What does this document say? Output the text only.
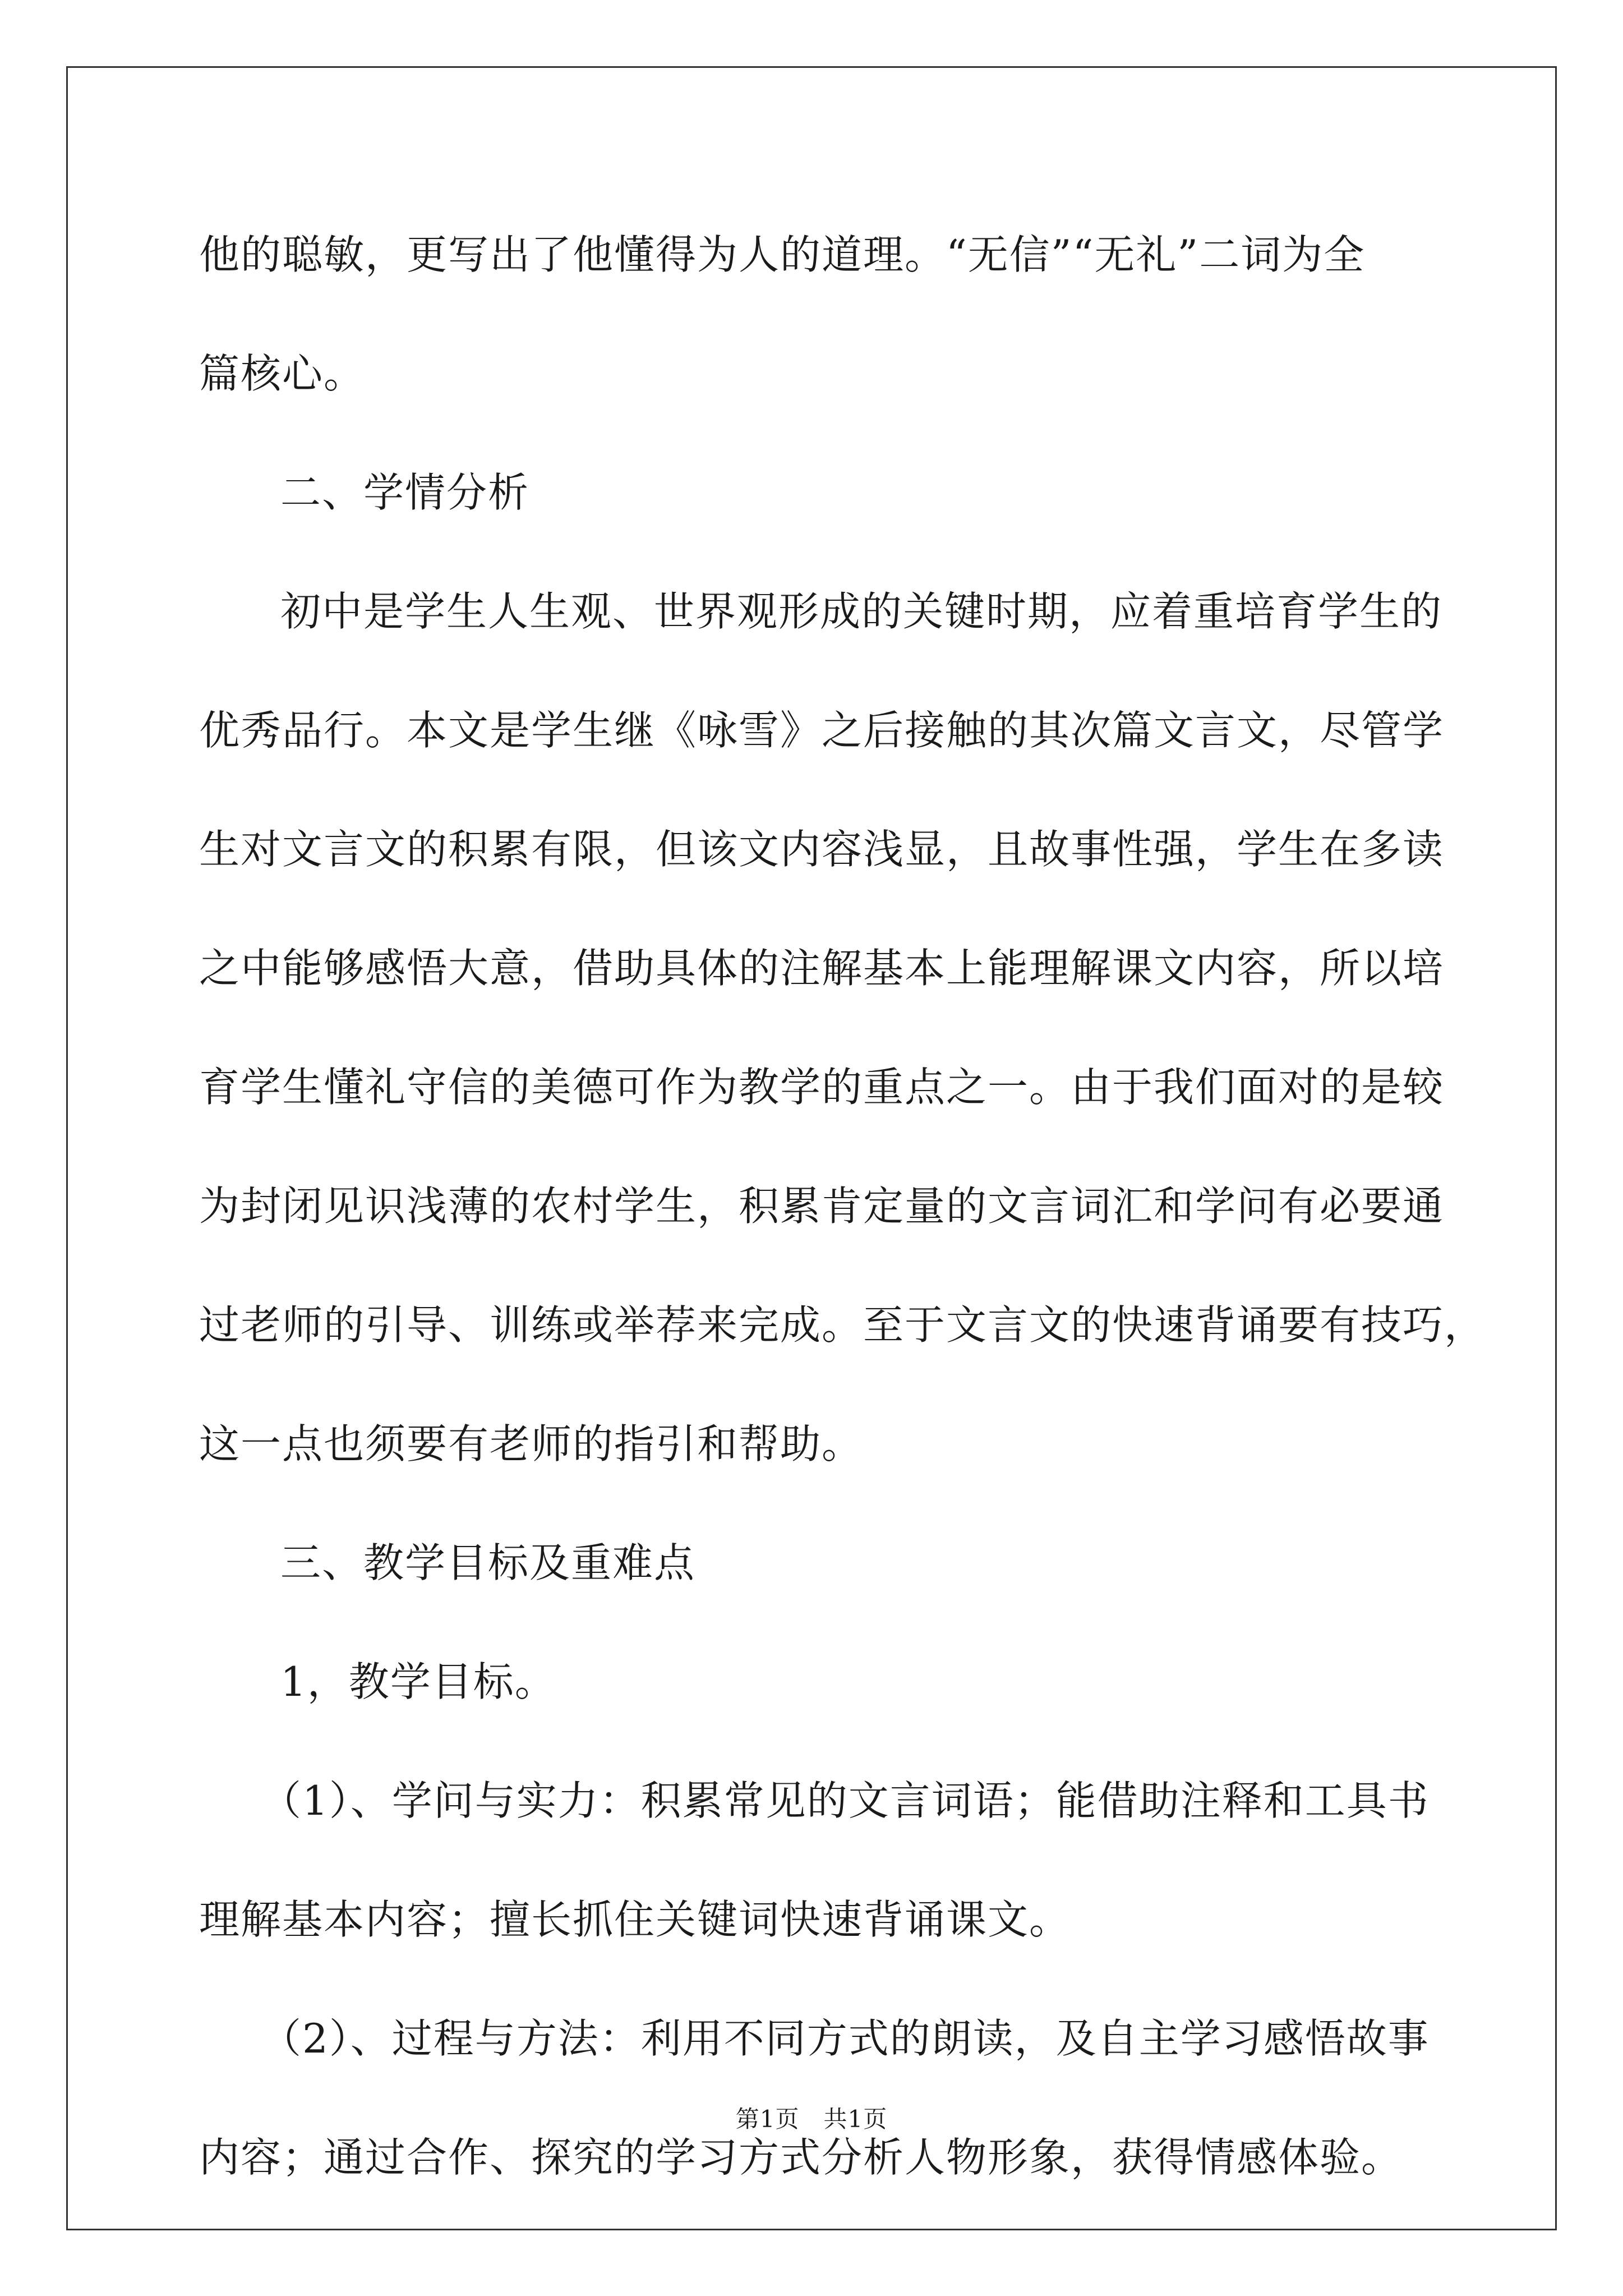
他的聪敏，更写出了他懂得为人的道理。“无信”“无礼”二词为全
篇核心。
二、学情分析
初中是学生人生观、世界观形成的关键时期，应着重培育学生的
优秀品行。本文是学生继《咏雪》之后接触的其次篇文言文，尽管学
生对文言文的积累有限，但该文内容浅显，且故事性强，学生在多读
之中能够感悟大意，借助具体的注解基本上能理解课文内容，所以培
育学生懂礼守信的美德可作为教学的重点之一。由于我们面对的是较
为封闭见识浅薄的农村学生，积累肯定量的文言词汇和学问有必要通
过老师的引导、训练或举荐来完成。至于文言文的快速背诵要有技巧，
这一点也须要有老师的指引和帮助。
三、教学目标及重难点
1，教学目标。
（1）、学问与实力：积累常见的文言词语；能借助注释和工具书
理解基本内容；擅长抓住关键词快速背诵课文。
（2）、过程与方法：利用不同方式的朗读，及自主学习感悟故事
内容；通过合作、探究的学习方式分析人物形象，获得情感体验。
第1页　共1页
